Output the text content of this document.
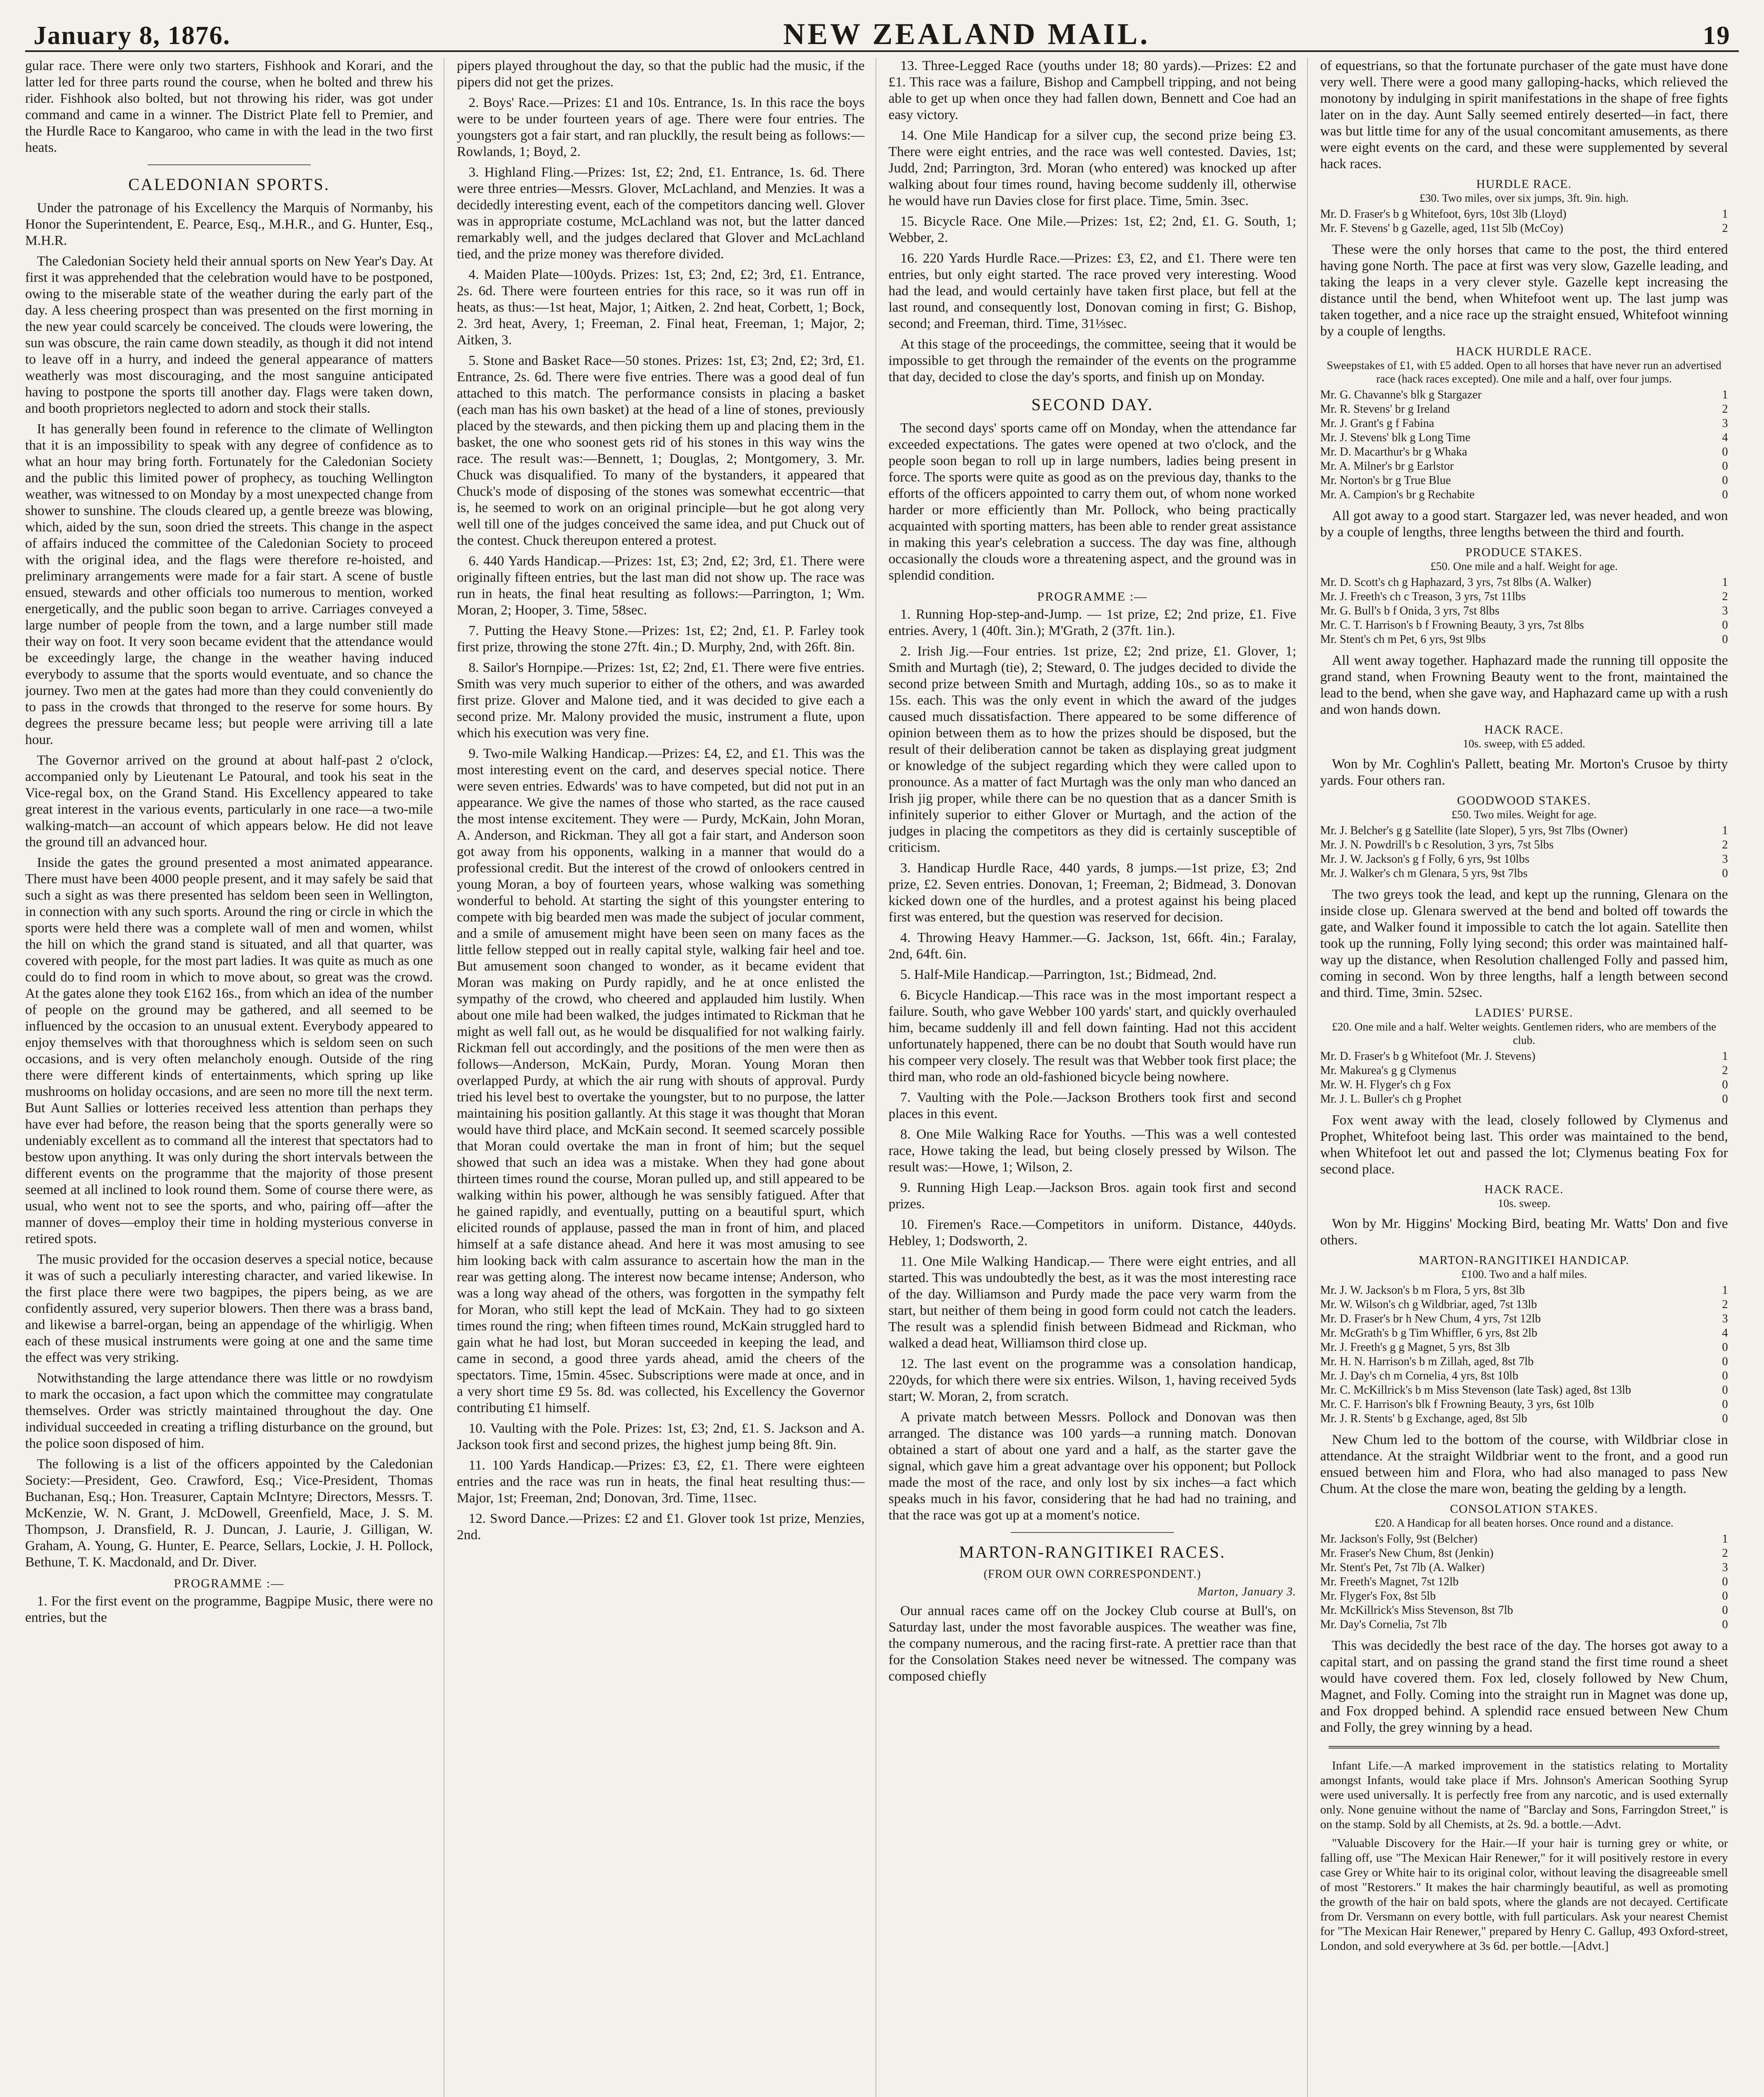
January 8, 1876.	NEW ZEALAND MAIL.	19

gular race. There were only two starters, Fishhook and Korari, and the latter led for three parts round the course, when he bolted and threw his rider. Fishhook also bolted, but not throwing his rider, was got under command and came in a winner. The District Plate fell to Premier, and the Hurdle Race to Kangaroo, who came in with the lead in the two first heats.

CALEDONIAN SPORTS.

Under the patronage of his Excellency the Marquis of Normanby, his Honor the Superintendent, E. Pearce, Esq., M.H.R., and G. Hunter, Esq., M.H.R.

The Caledonian Society held their annual sports on New Year's Day. At first it was apprehended that the celebration would have to be postponed, owing to the miserable state of the weather during the early part of the day. A less cheering prospect than was presented on the first morning in the new year could scarcely be conceived. The clouds were lowering, the sun was obscure, the rain came down steadily, as though it did not intend to leave off in a hurry, and indeed the general appearance of matters weatherly was most discouraging, and the most sanguine anticipated having to postpone the sports till another day. Flags were taken down, and booth proprietors neglected to adorn and stock their stalls.

It has generally been found in reference to the climate of Wellington that it is an impossibility to speak with any degree of confidence as to what an hour may bring forth. Fortunately for the Caledonian Society and the public this limited power of prophecy, as touching Wellington weather, was witnessed to on Monday by a most unexpected change from shower to sunshine. The clouds cleared up, a gentle breeze was blowing, which, aided by the sun, soon dried the streets. This change in the aspect of affairs induced the committee of the Caledonian Society to proceed with the original idea, and the flags were therefore re-hoisted, and preliminary arrangements were made for a fair start. A scene of bustle ensued, stewards and other officials too numerous to mention, worked energetically, and the public soon began to arrive. Carriages conveyed a large number of people from the town, and a large number still made their way on foot. It very soon became evident that the attendance would be exceedingly large, the change in the weather having induced everybody to assume that the sports would eventuate, and so chance the journey. Two men at the gates had more than they could conveniently do to pass in the crowds that thronged to the reserve for some hours. By degrees the pressure became less; but people were arriving till a late hour.

The Governor arrived on the ground at about half-past 2 o'clock, accompanied only by Lieutenant Le Patoural, and took his seat in the Vice-regal box, on the Grand Stand. His Excellency appeared to take great interest in the various events, particularly in one race—a two-mile walking-match—an account of which appears below. He did not leave the ground till an advanced hour.

Inside the gates the ground presented a most animated appearance. There must have been 4000 people present, and it may safely be said that such a sight as was there presented has seldom been seen in Wellington, in connection with any such sports. Around the ring or circle in which the sports were held there was a complete wall of men and women, whilst the hill on which the grand stand is situated, and all that quarter, was covered with people, for the most part ladies. It was quite as much as one could do to find room in which to move about, so great was the crowd. At the gates alone they took £162 16s., from which an idea of the number of people on the ground may be gathered, and all seemed to be influenced by the occasion to an unusual extent. Everybody appeared to enjoy themselves with that thoroughness which is seldom seen on such occasions, and is very often melancholy enough. Outside of the ring there were different kinds of entertainments, which spring up like mushrooms on holiday occasions, and are seen no more till the next term. But Aunt Sallies or lotteries received less attention than perhaps they have ever had before, the reason being that the sports generally were so undeniably excellent as to command all the interest that spectators had to bestow upon anything. It was only during the short intervals between the different events on the programme that the majority of those present seemed at all inclined to look round them. Some of course there were, as usual, who went not to see the sports, and who, pairing off—after the manner of doves—employ their time in holding mysterious converse in retired spots.

The music provided for the occasion deserves a special notice, because it was of such a peculiarly interesting character, and varied likewise. In the first place there were two bagpipes, the pipers being, as we are confidently assured, very superior blowers. Then there was a brass band, and likewise a barrel-organ, being an appendage of the whirligig. When each of these musical instruments were going at one and the same time the effect was very striking.

Notwithstanding the large attendance there was little or no rowdyism to mark the occasion, a fact upon which the committee may congratulate themselves. Order was strictly maintained throughout the day. One individual succeeded in creating a trifling disturbance on the ground, but the police soon disposed of him.

The following is a list of the officers appointed by the Caledonian Society:—President, Geo. Crawford, Esq.; Vice-President, Thomas Buchanan, Esq.; Hon. Treasurer, Captain McIntyre; Directors, Messrs. T. McKenzie, W. N. Grant, J. McDowell, Greenfield, Mace, J. S. M. Thompson, J. Dransfield, R. J. Duncan, J. Laurie, J. Gilligan, W. Graham, A. Young, G. Hunter, E. Pearce, Sellars, Lockie, J. H. Pollock, Bethune, T. K. Macdonald, and Dr. Diver.

PROGRAMME :—

1. For the first event on the programme, Bagpipe Music, there were no entries, but the

pipers played throughout the day, so that the public had the music, if the pipers did not get the prizes.

2. Boys' Race.—Prizes: £1 and 10s. Entrance, 1s. In this race the boys were to be under fourteen years of age. There were four entries. The youngsters got a fair start, and ran plucklly, the result being as follows:—Rowlands, 1; Boyd, 2.

3. Highland Fling.—Prizes: 1st, £2; 2nd, £1. Entrance, 1s. 6d. There were three entries—Messrs. Glover, McLachland, and Menzies. It was a decidedly interesting event, each of the competitors dancing well. Glover was in appropriate costume, McLachland was not, but the latter danced remarkably well, and the judges declared that Glover and McLachland tied, and the prize money was therefore divided.

4. Maiden Plate—100yds. Prizes: 1st, £3; 2nd, £2; 3rd, £1. Entrance, 2s. 6d. There were fourteen entries for this race, so it was run off in heats, as thus:—1st heat, Major, 1; Aitken, 2. 2nd heat, Corbett, 1; Bock, 2. 3rd heat, Avery, 1; Freeman, 2. Final heat, Freeman, 1; Major, 2; Aitken, 3.

5. Stone and Basket Race—50 stones. Prizes: 1st, £3; 2nd, £2; 3rd, £1. Entrance, 2s. 6d. There were five entries. There was a good deal of fun attached to this match. The performance consists in placing a basket (each man has his own basket) at the head of a line of stones, previously placed by the stewards, and then picking them up and placing them in the basket, the one who soonest gets rid of his stones in this way wins the race. The result was:—Bennett, 1; Douglas, 2; Montgomery, 3. Mr. Chuck was disqualified. To many of the bystanders, it appeared that Chuck's mode of disposing of the stones was somewhat eccentric—that is, he seemed to work on an original principle—but he got along very well till one of the judges conceived the same idea, and put Chuck out of the contest. Chuck thereupon entered a protest.

6. 440 Yards Handicap.—Prizes: 1st, £3; 2nd, £2; 3rd, £1. There were originally fifteen entries, but the last man did not show up. The race was run in heats, the final heat resulting as follows:—Parrington, 1; Wm. Moran, 2; Hooper, 3. Time, 58sec.

7. Putting the Heavy Stone.—Prizes: 1st, £2; 2nd, £1. P. Farley took first prize, throwing the stone 27ft. 4in.; D. Murphy, 2nd, with 26ft. 8in.

8. Sailor's Hornpipe.—Prizes: 1st, £2; 2nd, £1. There were five entries. Smith was very much superior to either of the others, and was awarded first prize. Glover and Malone tied, and it was decided to give each a second prize. Mr. Malony provided the music, instrument a flute, upon which his execution was very fine.

9. Two-mile Walking Handicap.—Prizes: £4, £2, and £1. This was the most interesting event on the card, and deserves special notice. There were seven entries. Edwards' was to have competed, but did not put in an appearance. We give the names of those who started, as the race caused the most intense excitement. They were — Purdy, McKain, John Moran, A. Anderson, and Rickman. They all got a fair start, and Anderson soon got away from his opponents, walking in a manner that would do a professional credit. But the interest of the crowd of onlookers centred in young Moran, a boy of fourteen years, whose walking was something wonderful to behold. At starting the sight of this youngster entering to compete with big bearded men was made the subject of jocular comment, and a smile of amusement might have been seen on many faces as the little fellow stepped out in really capital style, walking fair heel and toe. But amusement soon changed to wonder, as it became evident that Moran was making on Purdy rapidly, and he at once enlisted the sympathy of the crowd, who cheered and applauded him lustily. When about one mile had been walked, the judges intimated to Rickman that he might as well fall out, as he would be disqualified for not walking fairly. Rickman fell out accordingly, and the positions of the men were then as follows—Anderson, McKain, Purdy, Moran. Young Moran then overlapped Purdy, at which the air rung with shouts of approval. Purdy tried his level best to overtake the youngster, but to no purpose, the latter maintaining his position gallantly. At this stage it was thought that Moran would have third place, and McKain second. It seemed scarcely possible that Moran could overtake the man in front of him; but the sequel showed that such an idea was a mistake. When they had gone about thirteen times round the course, Moran pulled up, and still appeared to be walking within his power, although he was sensibly fatigued. After that he gained rapidly, and eventually, putting on a beautiful spurt, which elicited rounds of applause, passed the man in front of him, and placed himself at a safe distance ahead. And here it was most amusing to see him looking back with calm assurance to ascertain how the man in the rear was getting along. The interest now became intense; Anderson, who was a long way ahead of the others, was forgotten in the sympathy felt for Moran, who still kept the lead of McKain. They had to go sixteen times round the ring; when fifteen times round, McKain struggled hard to gain what he had lost, but Moran succeeded in keeping the lead, and came in second, a good three yards ahead, amid the cheers of the spectators. Time, 15min. 45sec. Subscriptions were made at once, and in a very short time £9 5s. 8d. was collected, his Excellency the Governor contributing £1 himself.

10. Vaulting with the Pole. Prizes: 1st, £3; 2nd, £1. S. Jackson and A. Jackson took first and second prizes, the highest jump being 8ft. 9in.

11. 100 Yards Handicap.—Prizes: £3, £2, £1. There were eighteen entries and the race was run in heats, the final heat resulting thus:—Major, 1st; Freeman, 2nd; Donovan, 3rd. Time, 11sec.

12. Sword Dance.—Prizes: £2 and £1. Glover took 1st prize, Menzies, 2nd.

13. Three-Legged Race (youths under 18; 80 yards).—Prizes: £2 and £1. This race was a failure, Bishop and Campbell tripping, and not being able to get up when once they had fallen down, Bennett and Coe had an easy victory.

14. One Mile Handicap for a silver cup, the second prize being £3. There were eight entries, and the race was well contested. Davies, 1st; Judd, 2nd; Parrington, 3rd. Moran (who entered) was knocked up after walking about four times round, having become suddenly ill, otherwise he would have run Davies close for first place. Time, 5min. 3sec.

15. Bicycle Race. One Mile.—Prizes: 1st, £2; 2nd, £1. G. South, 1; Webber, 2.

16. 220 Yards Hurdle Race.—Prizes: £3, £2, and £1. There were ten entries, but only eight started. The race proved very interesting. Wood had the lead, and would certainly have taken first place, but fell at the last round, and consequently lost, Donovan coming in first; G. Bishop, second; and Freeman, third. Time, 31⅓sec.

At this stage of the proceedings, the committee, seeing that it would be impossible to get through the remainder of the events on the programme that day, decided to close the day's sports, and finish up on Monday.

SECOND DAY.

The second days' sports came off on Monday, when the attendance far exceeded expectations. The gates were opened at two o'clock, and the people soon began to roll up in large numbers, ladies being present in force. The sports were quite as good as on the previous day, thanks to the efforts of the officers appointed to carry them out, of whom none worked harder or more efficiently than Mr. Pollock, who being practically acquainted with sporting matters, has been able to render great assistance in making this year's celebration a success. The day was fine, although occasionally the clouds wore a threatening aspect, and the ground was in splendid condition.

PROGRAMME :—

1. Running Hop-step-and-Jump. — 1st prize, £2; 2nd prize, £1. Five entries. Avery, 1 (40ft. 3in.); M'Grath, 2 (37ft. 1in.).

2. Irish Jig.—Four entries. 1st prize, £2; 2nd prize, £1. Glover, 1; Smith and Murtagh (tie), 2; Steward, 0. The judges decided to divide the second prize between Smith and Murtagh, adding 10s., so as to make it 15s. each. This was the only event in which the award of the judges caused much dissatisfaction. There appeared to be some difference of opinion between them as to how the prizes should be disposed, but the result of their deliberation cannot be taken as displaying great judgment or knowledge of the subject regarding which they were called upon to pronounce. As a matter of fact Murtagh was the only man who danced an Irish jig proper, while there can be no question that as a dancer Smith is infinitely superior to either Glover or Murtagh, and the action of the judges in placing the competitors as they did is certainly susceptible of criticism.

3. Handicap Hurdle Race, 440 yards, 8 jumps.—1st prize, £3; 2nd prize, £2. Seven entries. Donovan, 1; Freeman, 2; Bidmead, 3. Donovan kicked down one of the hurdles, and a protest against his being placed first was entered, but the question was reserved for decision.

4. Throwing Heavy Hammer.—G. Jackson, 1st, 66ft. 4in.; Faralay, 2nd, 64ft. 6in.

5. Half-Mile Handicap.—Parrington, 1st.; Bidmead, 2nd.

6. Bicycle Handicap.—This race was in the most important respect a failure. South, who gave Webber 100 yards' start, and quickly overhauled him, became suddenly ill and fell down fainting. Had not this accident unfortunately happened, there can be no doubt that South would have run his compeer very closely. The result was that Webber took first place; the third man, who rode an old-fashioned bicycle being nowhere.

7. Vaulting with the Pole.—Jackson Brothers took first and second places in this event.

8. One Mile Walking Race for Youths. —This was a well contested race, Howe taking the lead, but being closely pressed by Wilson. The result was:—Howe, 1; Wilson, 2.

9. Running High Leap.—Jackson Bros. again took first and second prizes.

10. Firemen's Race.—Competitors in uniform. Distance, 440yds. Hebley, 1; Dodsworth, 2.

11. One Mile Walking Handicap.— There were eight entries, and all started. This was undoubtedly the best, as it was the most interesting race of the day. Williamson and Purdy made the pace very warm from the start, but neither of them being in good form could not catch the leaders. The result was a splendid finish between Bidmead and Rickman, who walked a dead heat, Williamson third close up.

12. The last event on the programme was a consolation handicap, 220yds, for which there were six entries. Wilson, 1, having received 5yds start; W. Moran, 2, from scratch.

A private match between Messrs. Pollock and Donovan was then arranged. The distance was 100 yards—a running match. Donovan obtained a start of about one yard and a half, as the starter gave the signal, which gave him a great advantage over his opponent; but Pollock made the most of the race, and only lost by six inches—a fact which speaks much in his favor, considering that he had had no training, and that the race was got up at a moment's notice.

MARTON-RANGITIKEI RACES.
(FROM OUR OWN CORRESPONDENT.)
Marton, January 3.

Our annual races came off on the Jockey Club course at Bull's, on Saturday last, under the most favorable auspices. The weather was fine, the company numerous, and the racing first-rate. A prettier race than that for the Consolation Stakes need never be witnessed. The company was composed chiefly

of equestrians, so that the fortunate purchaser of the gate must have done very well. There were a good many galloping-hacks, which relieved the monotony by indulging in spirit manifestations in the shape of free fights later on in the day. Aunt Sally seemed entirely deserted—in fact, there was but little time for any of the usual concomitant amusements, as there were eight events on the card, and these were supplemented by several hack races.

HURDLE RACE.
£30. Two miles, over six jumps, 3ft. 9in. high.
Mr. D. Fraser's b g Whitefoot, 6yrs, 10st 3lb (Lloyd)	1
Mr. F. Stevens' b g Gazelle, aged, 11st 5lb (McCoy)	2

These were the only horses that came to the post, the third entered having gone North. The pace at first was very slow, Gazelle leading, and taking the leaps in a very clever style. Gazelle kept increasing the distance until the bend, when Whitefoot went up. The last jump was taken together, and a nice race up the straight ensued, Whitefoot winning by a couple of lengths.

HACK HURDLE RACE.
Sweepstakes of £1, with £5 added. Open to all horses that have never run an advertised race (hack races excepted). One mile and a half, over four jumps.
Mr. G. Chavanne's blk g Stargazer	1
Mr. R. Stevens' br g Ireland	2
Mr. J. Grant's g f Fabina	3
Mr. J. Stevens' blk g Long Time	4
Mr. D. Macarthur's br g Whaka	0
Mr. A. Milner's br g Earlstor	0
Mr. Norton's br g True Blue	0
Mr. A. Campion's br g Rechabite	0

All got away to a good start. Stargazer led, was never headed, and won by a couple of lengths, three lengths between the third and fourth.

PRODUCE STAKES.
£50. One mile and a half. Weight for age.
Mr. D. Scott's ch g Haphazard, 3 yrs, 7st 8lbs (A. Walker)	1
Mr. J. Freeth's ch c Treason, 3 yrs, 7st 11lbs	2
Mr. G. Bull's b f Onida, 3 yrs, 7st 8lbs	3
Mr. C. T. Harrison's b f Frowning Beauty, 3 yrs, 7st 8lbs	0
Mr. Stent's ch m Pet, 6 yrs, 9st 9lbs	0

All went away together. Haphazard made the running till opposite the grand stand, when Frowning Beauty went to the front, maintained the lead to the bend, when she gave way, and Haphazard came up with a rush and won hands down.

HACK RACE.
10s. sweep, with £5 added.

Won by Mr. Coghlin's Pallett, beating Mr. Morton's Crusoe by thirty yards. Four others ran.

GOODWOOD STAKES.
£50. Two miles. Weight for age.
Mr. J. Belcher's g g Satellite (late Sloper), 5 yrs, 9st 7lbs (Owner)	1
Mr. J. N. Powdrill's b c Resolution, 3 yrs, 7st 5lbs	2
Mr. J. W. Jackson's g f Folly, 6 yrs, 9st 10lbs	3
Mr. J. Walker's ch m Glenara, 5 yrs, 9st 7lbs	0

The two greys took the lead, and kept up the running, Glenara on the inside close up. Glenara swerved at the bend and bolted off towards the gate, and Walker found it impossible to catch the lot again. Satellite then took up the running, Folly lying second; this order was maintained half-way up the distance, when Resolution challenged Folly and passed him, coming in second. Won by three lengths, half a length between second and third. Time, 3min. 52sec.

LADIES' PURSE.
£20. One mile and a half. Welter weights. Gentlemen riders, who are members of the club.
Mr. D. Fraser's b g Whitefoot (Mr. J. Stevens)	1
Mr. Makurea's g g Clymenus	2
Mr. W. H. Flyger's ch g Fox	0
Mr. J. L. Buller's ch g Prophet	0

Fox went away with the lead, closely followed by Clymenus and Prophet, Whitefoot being last. This order was maintained to the bend, when Whitefoot let out and passed the lot; Clymenus beating Fox for second place.

HACK RACE.
10s. sweep.

Won by Mr. Higgins' Mocking Bird, beating Mr. Watts' Don and five others.

MARTON-RANGITIKEI HANDICAP.
£100. Two and a half miles.
Mr. J. W. Jackson's b m Flora, 5 yrs, 8st 3lb	1
Mr. W. Wilson's ch g Wildbriar, aged, 7st 13lb	2
Mr. D. Fraser's br h New Chum, 4 yrs, 7st 12lb	3
Mr. McGrath's b g Tim Whiffler, 6 yrs, 8st 2lb	4
Mr. J. Freeth's g g Magnet, 5 yrs, 8st 3lb	0
Mr. H. N. Harrison's b m Zillah, aged, 8st 7lb	0
Mr. J. Day's ch m Cornelia, 4 yrs, 8st 10lb	0
Mr. C. McKillrick's b m Miss Stevenson (late Task) aged, 8st 13lb	0
Mr. C. F. Harrison's blk f Frowning Beauty, 3 yrs, 6st 10lb	0
Mr. J. R. Stents' b g Exchange, aged, 8st 5lb	0

New Chum led to the bottom of the course, with Wildbriar close in attendance. At the straight Wildbriar went to the front, and a good run ensued between him and Flora, who had also managed to pass New Chum. At the close the mare won, beating the gelding by a length.

CONSOLATION STAKES.
£20. A Handicap for all beaten horses. Once round and a distance.
Mr. Jackson's Folly, 9st (Belcher)	1
Mr. Fraser's New Chum, 8st (Jenkin)	2
Mr. Stent's Pet, 7st 7lb (A. Walker)	3
Mr. Freeth's Magnet, 7st 12lb	0
Mr. Flyger's Fox, 8st 5lb	0
Mr. McKillrick's Miss Stevenson, 8st 7lb	0
Mr. Day's Cornelia, 7st 7lb	0

This was decidedly the best race of the day. The horses got away to a capital start, and on passing the grand stand the first time round a sheet would have covered them. Fox led, closely followed by New Chum, Magnet, and Folly. Coming into the straight run in Magnet was done up, and Fox dropped behind. A splendid race ensued between New Chum and Folly, the grey winning by a head.

Infant Life.—A marked improvement in the statistics relating to Mortality amongst Infants, would take place if Mrs. Johnson's American Soothing Syrup were used universally. It is perfectly free from any narcotic, and is used externally only. None genuine without the name of "Barclay and Sons, Farringdon Street," is on the stamp. Sold by all Chemists, at 2s. 9d. a bottle.—Advt.

"Valuable Discovery for the Hair.—If your hair is turning grey or white, or falling off, use "The Mexican Hair Renewer," for it will positively restore in every case Grey or White hair to its original color, without leaving the disagreeable smell of most "Restorers." It makes the hair charmingly beautiful, as well as promoting the growth of the hair on bald spots, where the glands are not decayed. Certificate from Dr. Versmann on every bottle, with full particulars. Ask your nearest Chemist for "The Mexican Hair Renewer," prepared by Henry C. Gallup, 493 Oxford-street, London, and sold everywhere at 3s 6d. per bottle.—[Advt.]
